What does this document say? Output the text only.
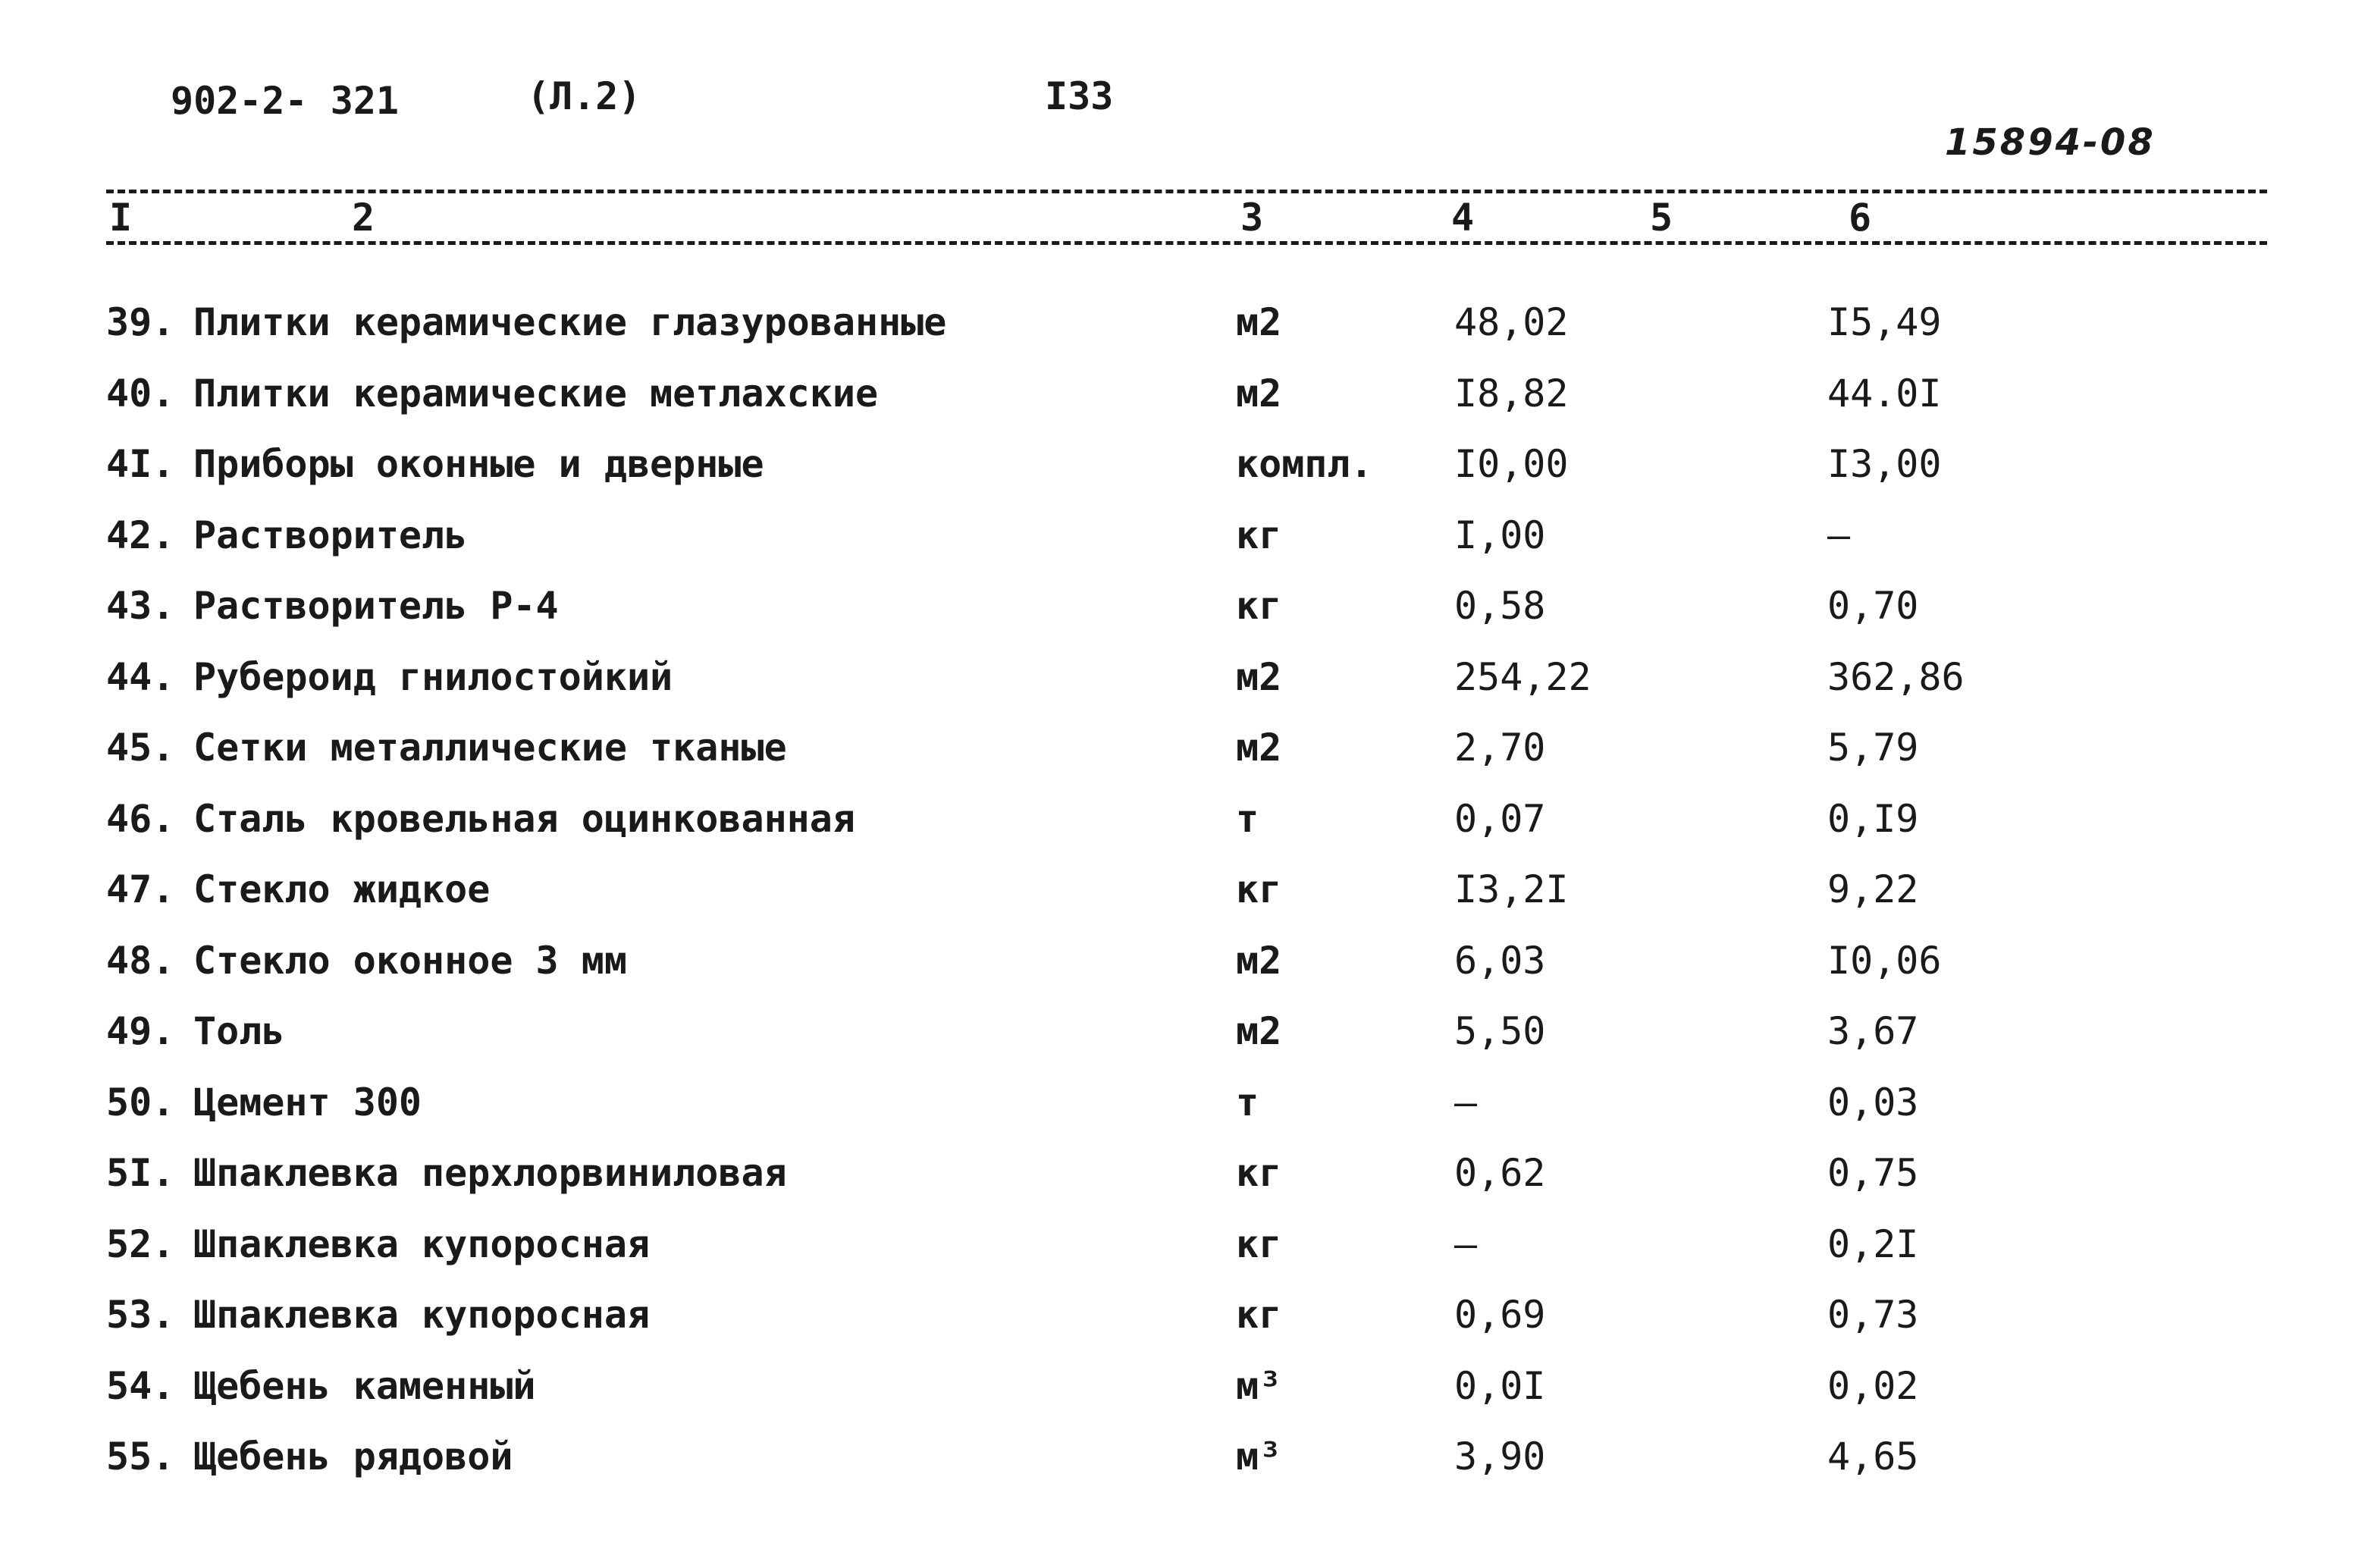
902-2- 321	(Л.2)	I33
15894-08
I	2	3	4	5	6
39. Плитки керамические глазурованные	м2	48,02	I5,49
40. Плитки керамические метлахские	м2	I8,82	44.0I
4I. Приборы оконные и дверные	компл. I0,00	I3,00
42. Растворитель	кг	I,00	–
43. Растворитель Р-4	кг	0,58	0,70
44. Рубероид гнилостойкий	м2	254,22	362,86
45. Сетки металлические тканые	м2	2,70	5,79
46. Сталь кровельная оцинкованная	т	0,07	0,I9
47. Стекло жидкое	кг	I3,2I	9,22
48. Стекло оконное 3 мм	м2	6,03	I0,06
49. Толь	м2	5,50	3,67
50. Цемент 300	т	–	0,03
5I. Шпаклевка перхлорвиниловая	кг	0,62	0,75
52. Шпаклевка купоросная	кг	–	0,2I
53. Шпаклевка купоросная	кг	0,69	0,73
54. Щебень каменный	м³	0,0I	0,02
55. Щебень рядовой	м³	3,90	4,65
